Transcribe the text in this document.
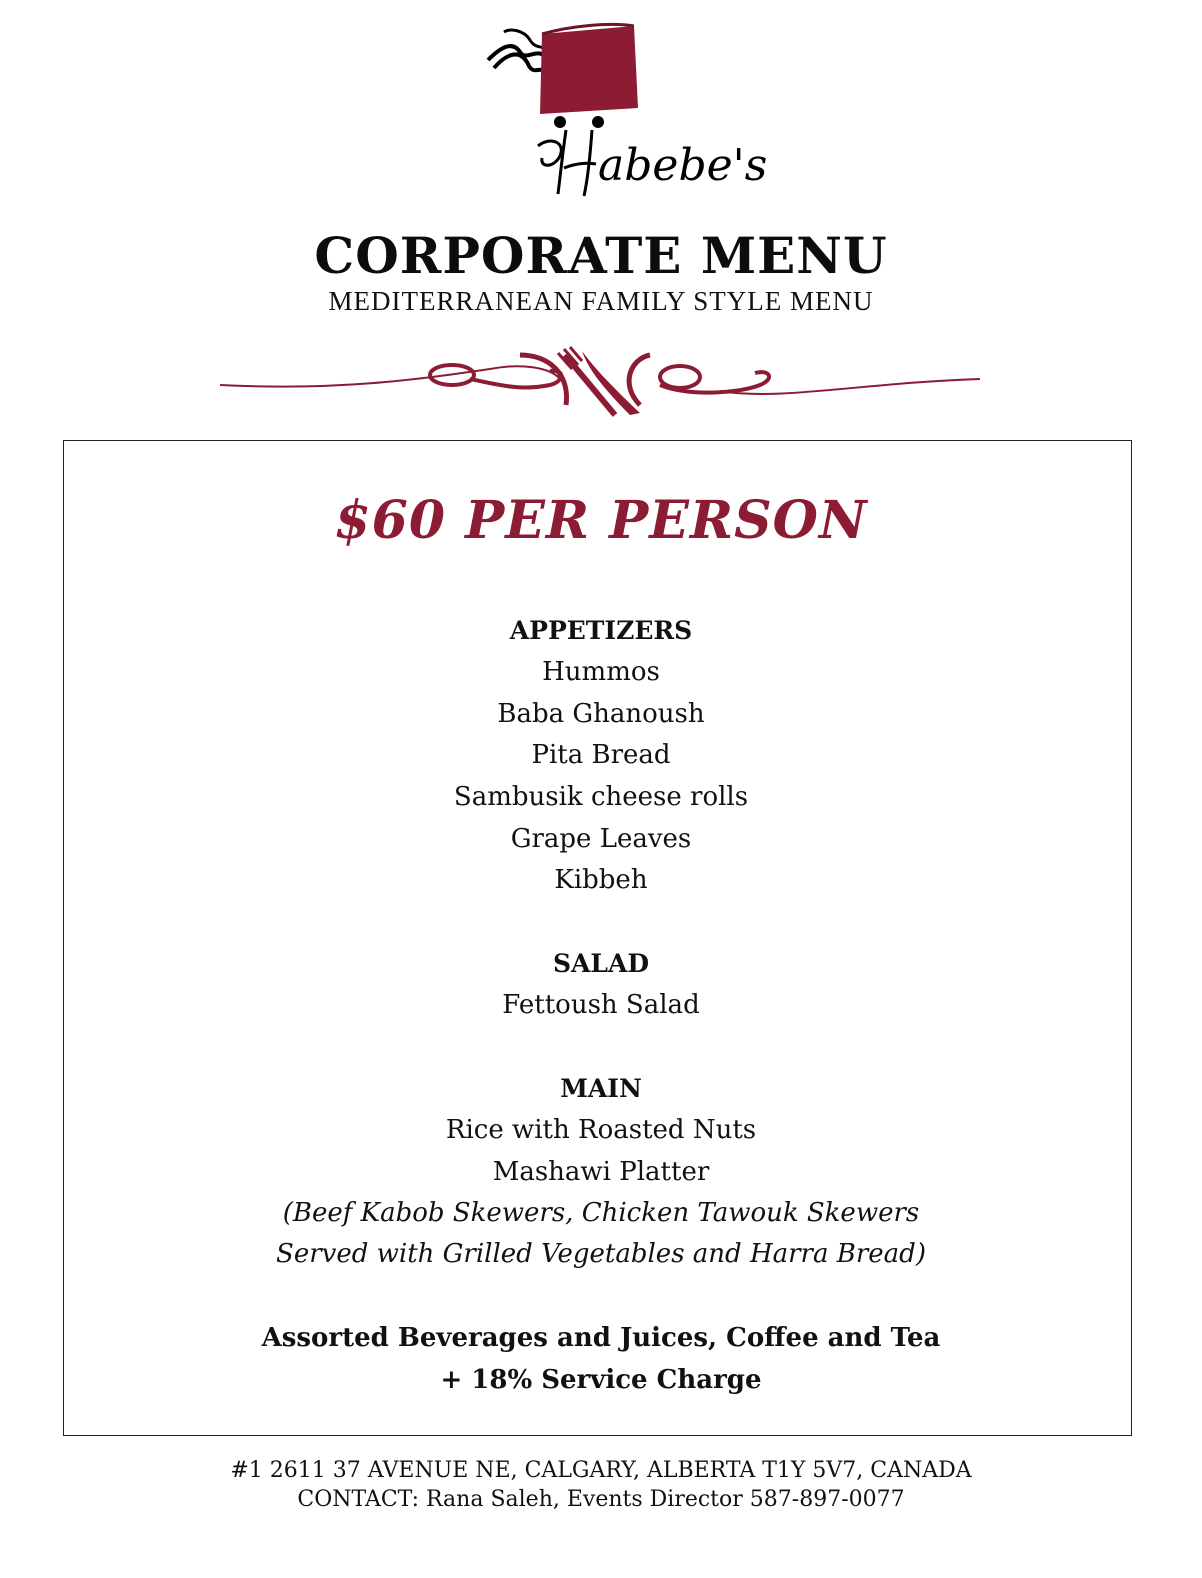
abebe's
CORPORATE MENU
MEDITERRANEAN FAMILY STYLE MENU
$60 PER PERSON
APPETIZERS
Hummos
Baba Ghanoush
Pita Bread
Sambusik cheese rolls
Grape Leaves
Kibbeh
SALAD
Fettoush Salad
MAIN
Rice with Roasted Nuts
Mashawi Platter
(Beef Kabob Skewers, Chicken Tawouk Skewers
Served with Grilled Vegetables and Harra Bread)
Assorted Beverages and Juices, Coffee and Tea
+ 18% Service Charge
#1 2611 37 AVENUE NE, CALGARY, ALBERTA T1Y 5V7, CANADA
CONTACT: Rana Saleh, Events Director 587-897-0077
